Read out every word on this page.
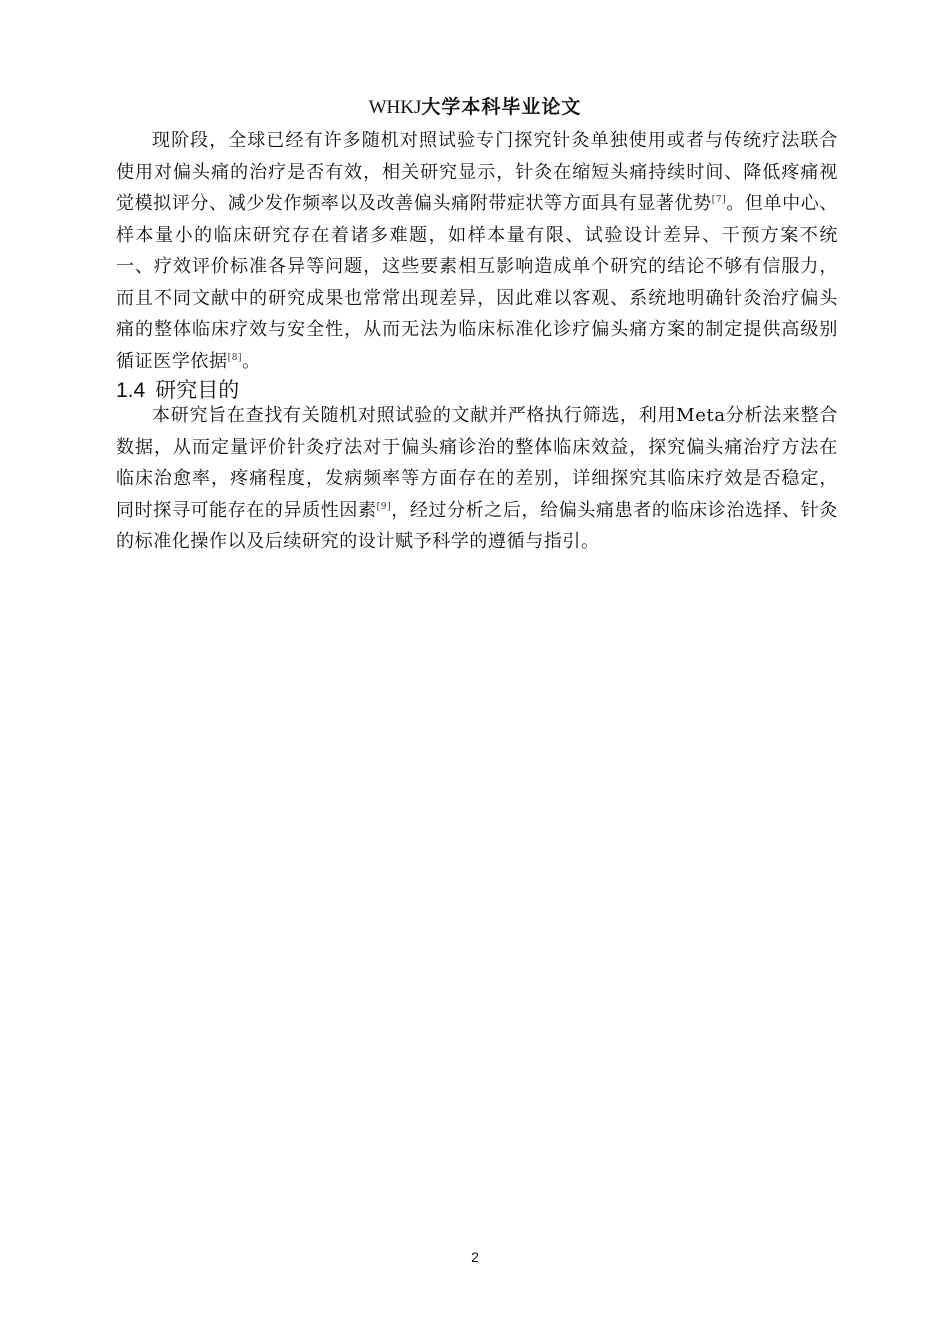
WHKJ大学本科毕业论文

现阶段，全球已经有许多随机对照试验专门探究针灸单独使用或者与传统疗法联合使用对偏头痛的治疗是否有效，相关研究显示，针灸在缩短头痛持续时间、降低疼痛视觉模拟评分、减少发作频率以及改善偏头痛附带症状等方面具有显著优势[7]。但单中心、样本量小的临床研究存在着诸多难题，如样本量有限、试验设计差异、干预方案不统一、疗效评价标准各异等问题，这些要素相互影响造成单个研究的结论不够有信服力，而且不同文献中的研究成果也常常出现差异，因此难以客观、系统地明确针灸治疗偏头痛的整体临床疗效与安全性，从而无法为临床标准化诊疗偏头痛方案的制定提供高级别循证医学依据[8]。

1.4 研究目的

本研究旨在查找有关随机对照试验的文献并严格执行筛选，利用Meta分析法来整合数据，从而定量评价针灸疗法对于偏头痛诊治的整体临床效益，探究偏头痛治疗方法在临床治愈率，疼痛程度，发病频率等方面存在的差别，详细探究其临床疗效是否稳定，同时探寻可能存在的异质性因素[9]，经过分析之后，给偏头痛患者的临床诊治选择、针灸的标准化操作以及后续研究的设计赋予科学的遵循与指引。

2
